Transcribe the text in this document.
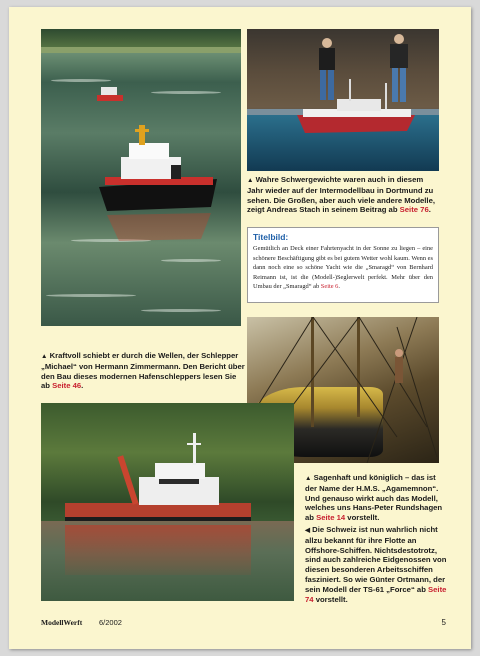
▲ Wahre Schwergewichte waren auch in diesem Jahr wieder auf der Intermodellbau in Dortmund zu sehen. Die Großen, aber auch viele andere Modelle, zeigt Andreas Stach in seinem Beitrag ab Seite 76.

Titelbild:

Gemütlich an Deck einer Fahrtenyacht in der Sonne zu liegen – eine schönere Beschäftigung gibt es bei gutem Wetter wohl kaum. Wenn es dann noch eine so schöne Yacht wie die „Smaragd“ von Bernhard Reimann ist, ist die (Modell-)Seglerwelt perfekt. Mehr über den Umbau der „Smaragd“ ab Seite 6.

▲ Kraftvoll schiebt er durch die Wellen, der Schlepper „Michael“ von Hermann Zimmermann. Den Bericht über den Bau dieses modernen Hafenschleppers lesen Sie ab Seite 46.

▲ Sagenhaft und königlich – das ist der Name der H.M.S. „Agamemnon“. Und genauso wirkt auch das Modell, welches uns Hans-Peter Rundshagen ab Seite 14 vorstellt.

◀ Die Schweiz ist nun wahrlich nicht allzu bekannt für ihre Flotte an Offshore-Schiffen. Nichtsdestotrotz, sind auch zahlreiche Eidgenossen von diesen besonderen Arbeitsschiffen fasziniert. So wie Günter Ortmann, der sein Modell der TS-61 „Force“ ab Seite 74 vorstellt.

ModellWerft 6/2002	5
